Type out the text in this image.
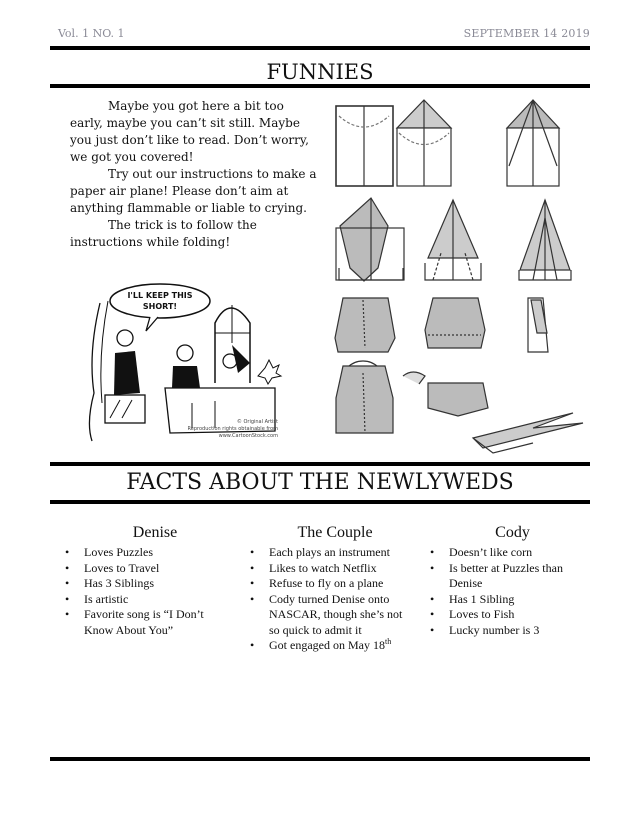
Vol. 1 NO. 1	SEPTEMBER 14 2019
FUNNIES

Maybe you got here a bit too early, maybe you can’t sit still. Maybe you just don’t like to read. Don’t worry, we got you covered!

Try out our instructions to make a paper air plane! Please don’t aim at anything flammable or liable to crying.

The trick is to follow the instructions while folding!

I'LL KEEP THIS
SHORT!
© Original Artist
Reproduction rights obtainable from
www.CartoonStock.com
FACTS ABOUT THE NEWLYWEDS
Denise
•	Loves Puzzles
•	Loves to Travel
•	Has 3 Siblings
•	Is artistic
•	Favorite song is “I Don’t Know About You”
The Couple
•	Each plays an instrument
•	Likes to watch Netflix
•	Refuse to fly on a plane
•	Cody turned Denise onto NASCAR, though she’s not so quick to admit it
•	Got engaged on May 18th
Cody
•	Doesn’t like corn
•	Is better at Puzzles than Denise
•	Has 1 Sibling
•	Loves to Fish
•	Lucky number is 3
